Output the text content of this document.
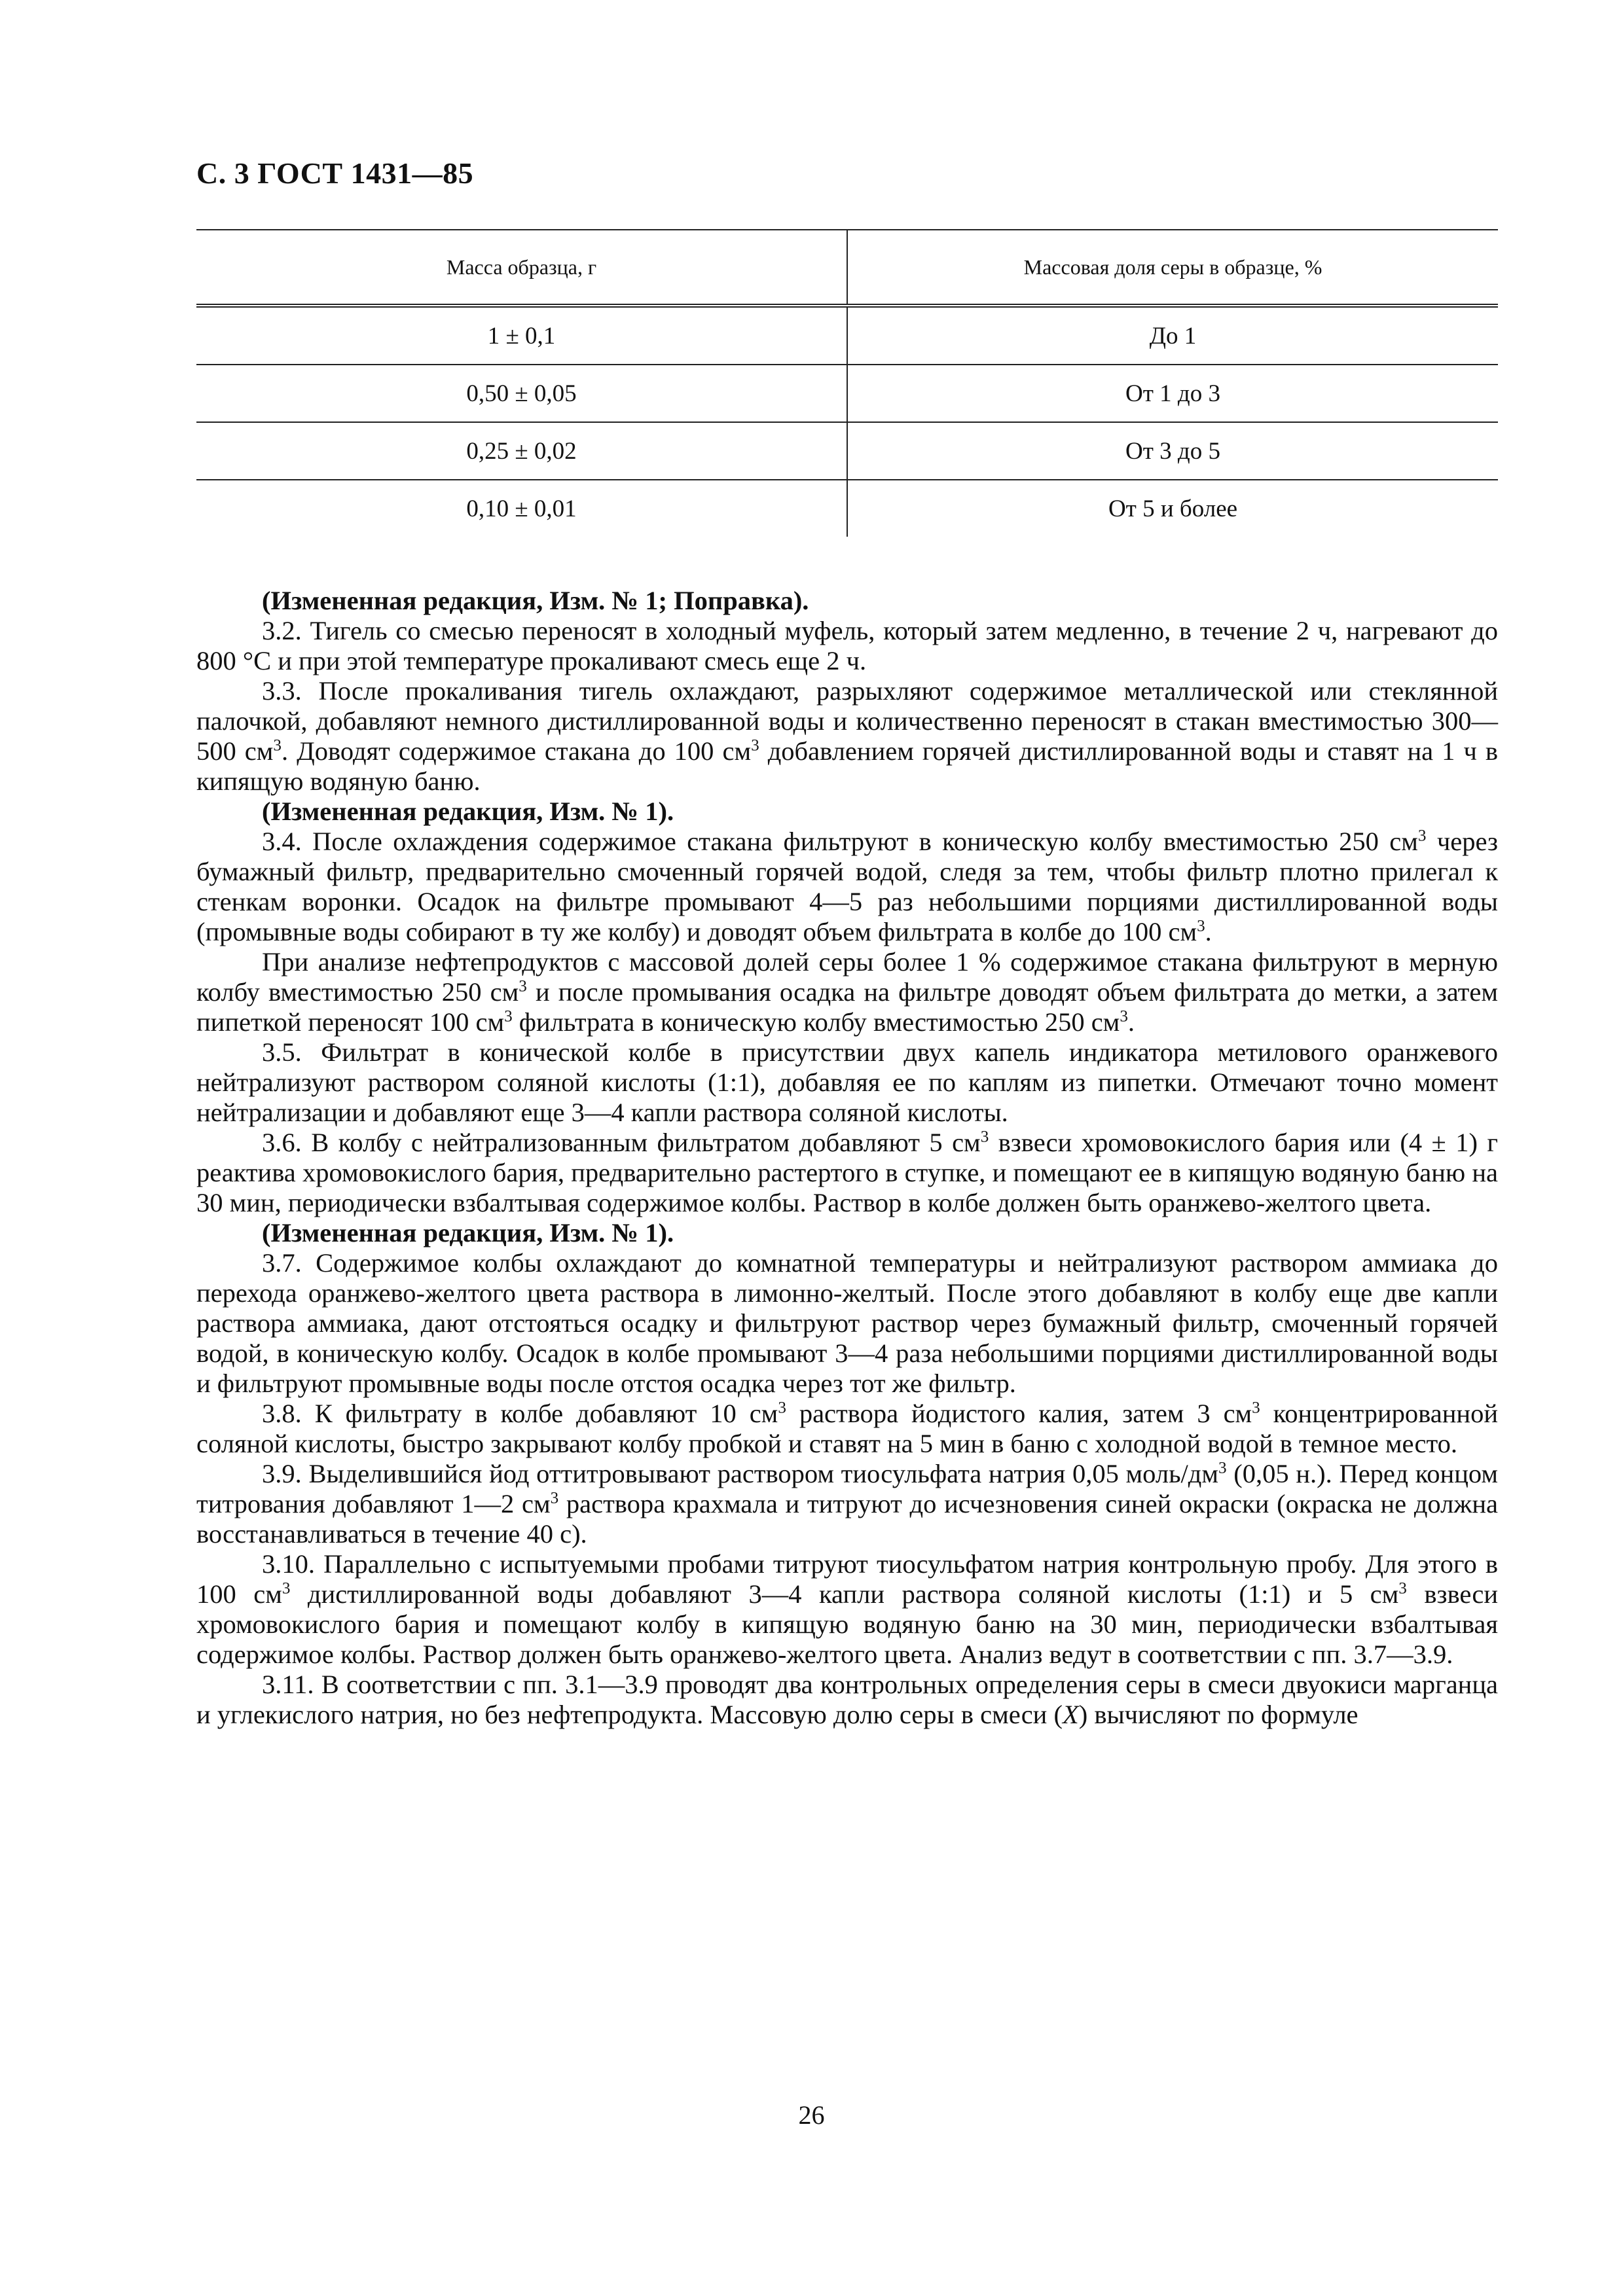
С. 3 ГОСТ 1431—85
Масса образца, г	Массовая доля серы в образце, %
1 ± 0,1	До 1
0,50 ± 0,05	От 1 до 3
0,25 ± 0,02	От 3 до 5
0,10 ± 0,01	От 5 и более

(Измененная редакция, Изм. № 1; Поправка).

3.2. Тигель со смесью переносят в холодный муфель, который затем медленно, в течение 2 ч, нагревают до 800 °С и при этой температуре прокаливают смесь еще 2 ч.

3.3. После прокаливания тигель охлаждают, разрыхляют содержимое металлической или стеклянной палочкой, добавляют немного дистиллированной воды и количественно переносят в стакан вместимостью 300—500 $см^3$. Доводят содержимое стакана до 100 $см^3$ добавлением горячей дистиллированной воды и ставят на 1 ч в кипящую водяную баню.

(Измененная редакция, Изм. № 1).

3.4. После охлаждения содержимое стакана фильтруют в коническую колбу вместимостью 250 $см^3$ через бумажный фильтр, предварительно смоченный горячей водой, следя за тем, чтобы фильтр плотно прилегал к стенкам воронки. Осадок на фильтре промывают 4—5 раз небольшими порциями дистиллированной воды (промывные воды собирают в ту же колбу) и доводят объем фильтрата в колбе до 100 $см^3$.

При анализе нефтепродуктов с массовой долей серы более 1 % содержимое стакана фильтруют в мерную колбу вместимостью 250 $см^3$ и после промывания осадка на фильтре доводят объем фильтрата до метки, а затем пипеткой переносят 100 $см^3$ фильтрата в коническую колбу вместимостью 250 $см^3$.

3.5. Фильтрат в конической колбе в присутствии двух капель индикатора метилового оранжевого нейтрализуют раствором соляной кислоты (1:1), добавляя ее по каплям из пипетки. Отмечают точно момент нейтрализации и добавляют еще 3—4 капли раствора соляной кислоты.

3.6. В колбу с нейтрализованным фильтратом добавляют 5 $см^3$ взвеси хромовокислого бария или (4 ± 1) г реактива хромовокислого бария, предварительно растертого в ступке, и помещают ее в кипящую водяную баню на 30 мин, периодически взбалтывая содержимое колбы. Раствор в колбе должен быть оранжево-желтого цвета.

(Измененная редакция, Изм. № 1).

3.7. Содержимое колбы охлаждают до комнатной температуры и нейтрализуют раствором аммиака до перехода оранжево-желтого цвета раствора в лимонно-желтый. После этого добавляют в колбу еще две капли раствора аммиака, дают отстояться осадку и фильтруют раствор через бумажный фильтр, смоченный горячей водой, в коническую колбу. Осадок в колбе промывают 3—4 раза небольшими порциями дистиллированной воды и фильтруют промывные воды после отстоя осадка через тот же фильтр.

3.8. К фильтрату в колбе добавляют 10 $см^3$ раствора йодистого калия, затем 3 $см^3$ концентрированной соляной кислоты, быстро закрывают колбу пробкой и ставят на 5 мин в баню с холодной водой в темное место.

3.9. Выделившийся йод оттитровывают раствором тиосульфата натрия 0,05 моль/$дм^3$ (0,05 н.). Перед концом титрования добавляют 1—2 $см^3$ раствора крахмала и титруют до исчезновения синей окраски (окраска не должна восстанавливаться в течение 40 с).

3.10. Параллельно с испытуемыми пробами титруют тиосульфатом натрия контрольную пробу. Для этого в 100 $см^3$ дистиллированной воды добавляют 3—4 капли раствора соляной кислоты (1:1) и 5 $см^3$ взвеси хромовокислого бария и помещают колбу в кипящую водяную баню на 30 мин, периодически взбалтывая содержимое колбы. Раствор должен быть оранжево-желтого цвета. Анализ ведут в соответствии с пп. 3.7—3.9.

3.11. В соответствии с пп. 3.1—3.9 проводят два контрольных определения серы в смеси двуокиси марганца и углекислого натрия, но без нефтепродукта. Массовую долю серы в смеси (X) вычисляют по формуле

26
